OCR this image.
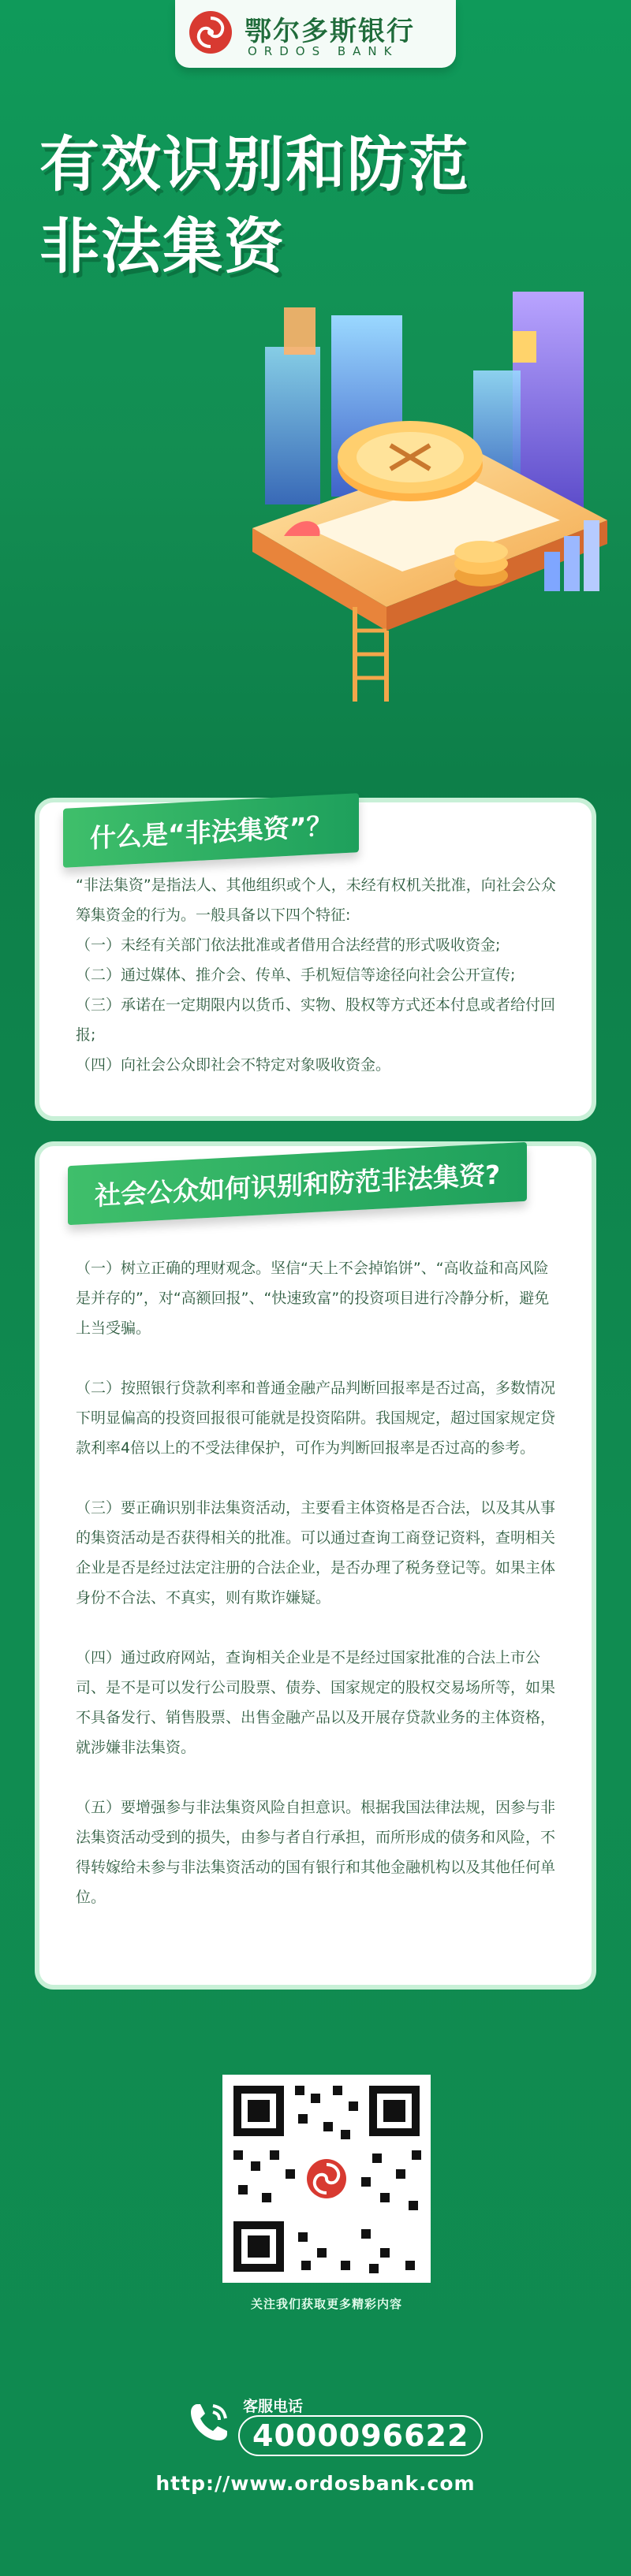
鄂尔多斯银行
ORDOS BANK
有效识别和防范
非法集资
什么是“非法集资”？

“非法集资”是指法人、其他组织或个人，未经有权机关批准，向社会公众筹集资金的行为。一般具备以下四个特征:

（一）未经有关部门依法批准或者借用合法经营的形式吸收资金;

（二）通过媒体、推介会、传单、手机短信等途径向社会公开宣传;

（三）承诺在一定期限内以货币、实物、股权等方式还本付息或者给付回报;

（四）向社会公众即社会不特定对象吸收资金。

社会公众如何识别和防范非法集资?

（一）树立正确的理财观念。坚信“天上不会掉馅饼”、“高收益和高风险是并存的”，对“高额回报”、“快速致富”的投资项目进行冷静分析，避免上当受骗。

（二）按照银行贷款利率和普通金融产品判断回报率是否过高，多数情况下明显偏高的投资回报很可能就是投资陷阱。我国规定，超过国家规定贷款利率4倍以上的不受法律保护，可作为判断回报率是否过高的参考。

（三）要正确识别非法集资活动，主要看主体资格是否合法，以及其从事的集资活动是否获得相关的批准。可以通过查询工商登记资料，查明相关企业是否是经过法定注册的合法企业，是否办理了税务登记等。如果主体身份不合法、不真实，则有欺诈嫌疑。

（四）通过政府网站，查询相关企业是不是经过国家批准的合法上市公司、是不是可以发行公司股票、债券、国家规定的股权交易场所等，如果不具备发行、销售股票、出售金融产品以及开展存贷款业务的主体资格，就涉嫌非法集资。

（五）要增强参与非法集资风险自担意识。根据我国法律法规，因参与非法集资活动受到的损失，由参与者自行承担，而所形成的债务和风险，不得转嫁给未参与非法集资活动的国有银行和其他金融机构以及其他任何单位。

关注我们获取更多精彩内容
客服电话
4000096622
http://www.ordosbank.com
